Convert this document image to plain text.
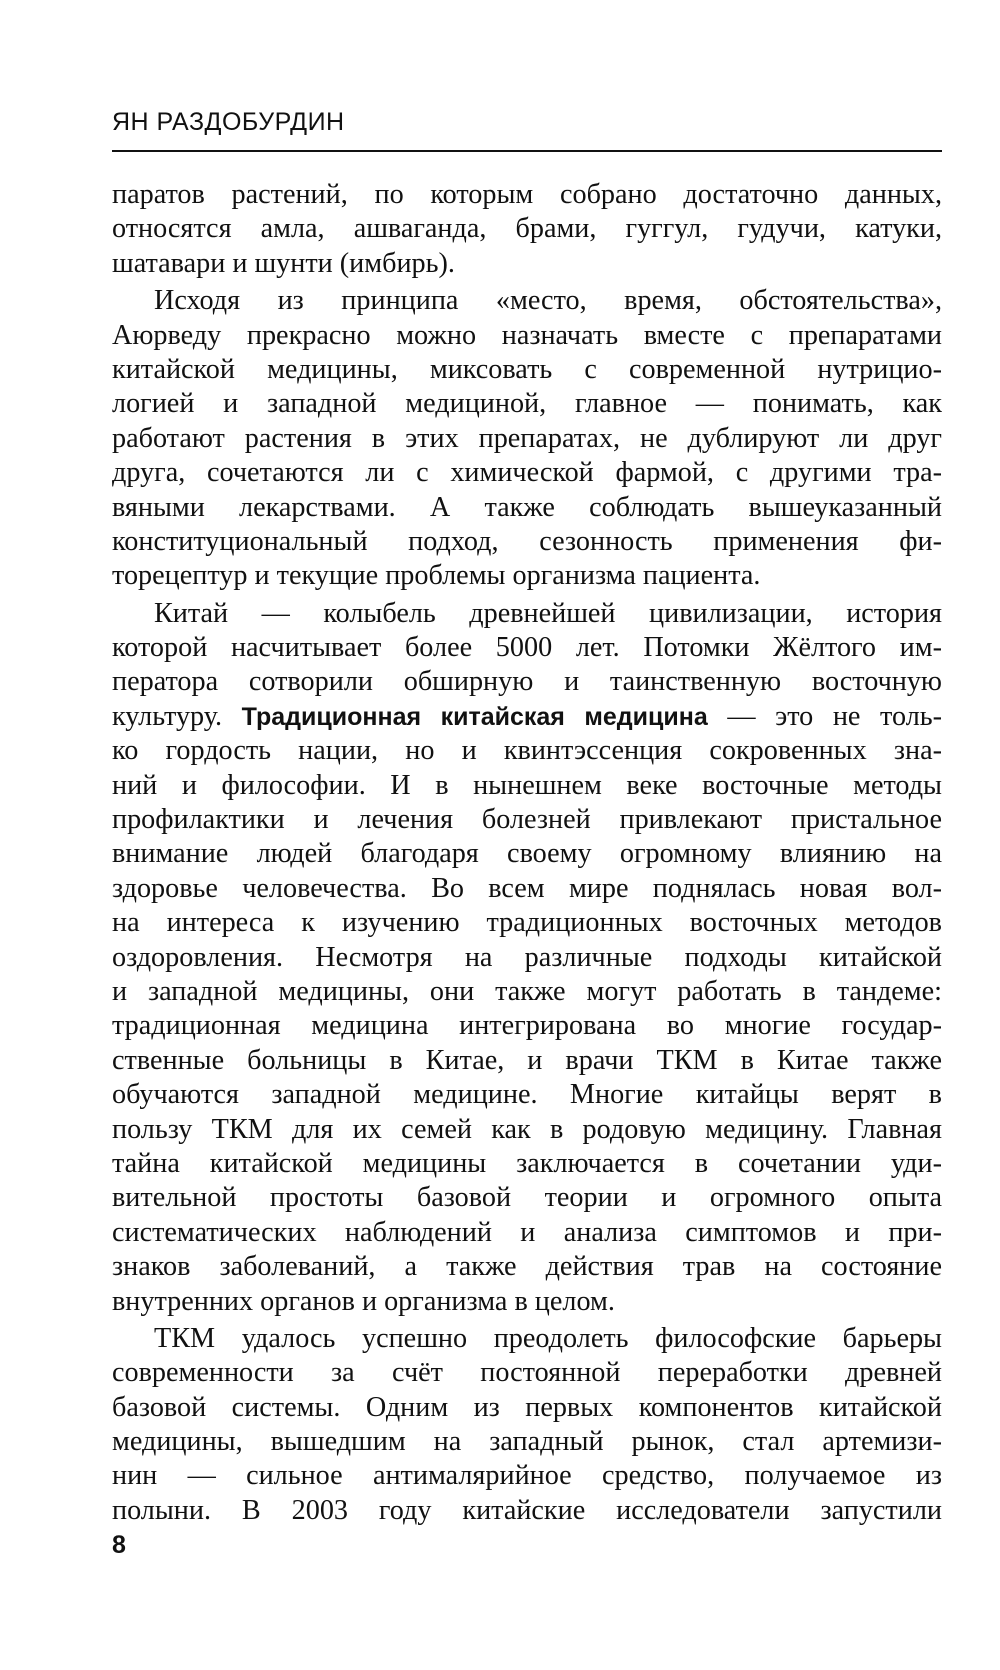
ЯН РАЗДОБУРДИН
паратов растений, по которым собрано достаточно данных,
относятся амла, ашваганда, брами, гуггул, гудучи, катуки,
шатавари и шунти (имбирь).
Исходя из принципа «место, время, обстоятельства»,
Аюрведу прекрасно можно назначать вместе с препаратами
китайской медицины, миксовать с современной нутрицио-
логией и западной медициной, главное — понимать, как
работают растения в этих препаратах, не дублируют ли друг
друга, сочетаются ли с химической фармой, с другими тра-
вяными лекарствами. А также соблюдать вышеуказанный
конституциональный подход, сезонность применения фи-
торецептур и текущие проблемы организма пациента.
Китай — колыбель древнейшей цивилизации, история
которой насчитывает более 5000 лет. Потомки Жёлтого им-
ператора сотворили обширную и таинственную восточную
культуру. Традиционная китайская медицина — это не толь-
ко гордость нации, но и квинтэссенция сокровенных зна-
ний и философии. И в нынешнем веке восточные методы
профилактики и лечения болезней привлекают пристальное
внимание людей благодаря своему огромному влиянию на
здоровье человечества. Во всем мире поднялась новая вол-
на интереса к изучению традиционных восточных методов
оздоровления. Несмотря на различные подходы китайской
и западной медицины, они также могут работать в тандеме:
традиционная медицина интегрирована во многие государ-
ственные больницы в Китае, и врачи ТКМ в Китае также
обучаются западной медицине. Многие китайцы верят в
пользу ТКМ для их семей как в родовую медицину. Главная
тайна китайской медицины заключается в сочетании уди-
вительной простоты базовой теории и огромного опыта
систематических наблюдений и анализа симптомов и при-
знаков заболеваний, а также действия трав на состояние
внутренних органов и организма в целом.
ТКМ удалось успешно преодолеть философские барьеры
современности за счёт постоянной переработки древней
базовой системы. Одним из первых компонентов китайской
медицины, вышедшим на западный рынок, стал артемизи-
нин — сильное антималярийное средство, получаемое из
полыни. В 2003 году китайские исследователи запустили
8
